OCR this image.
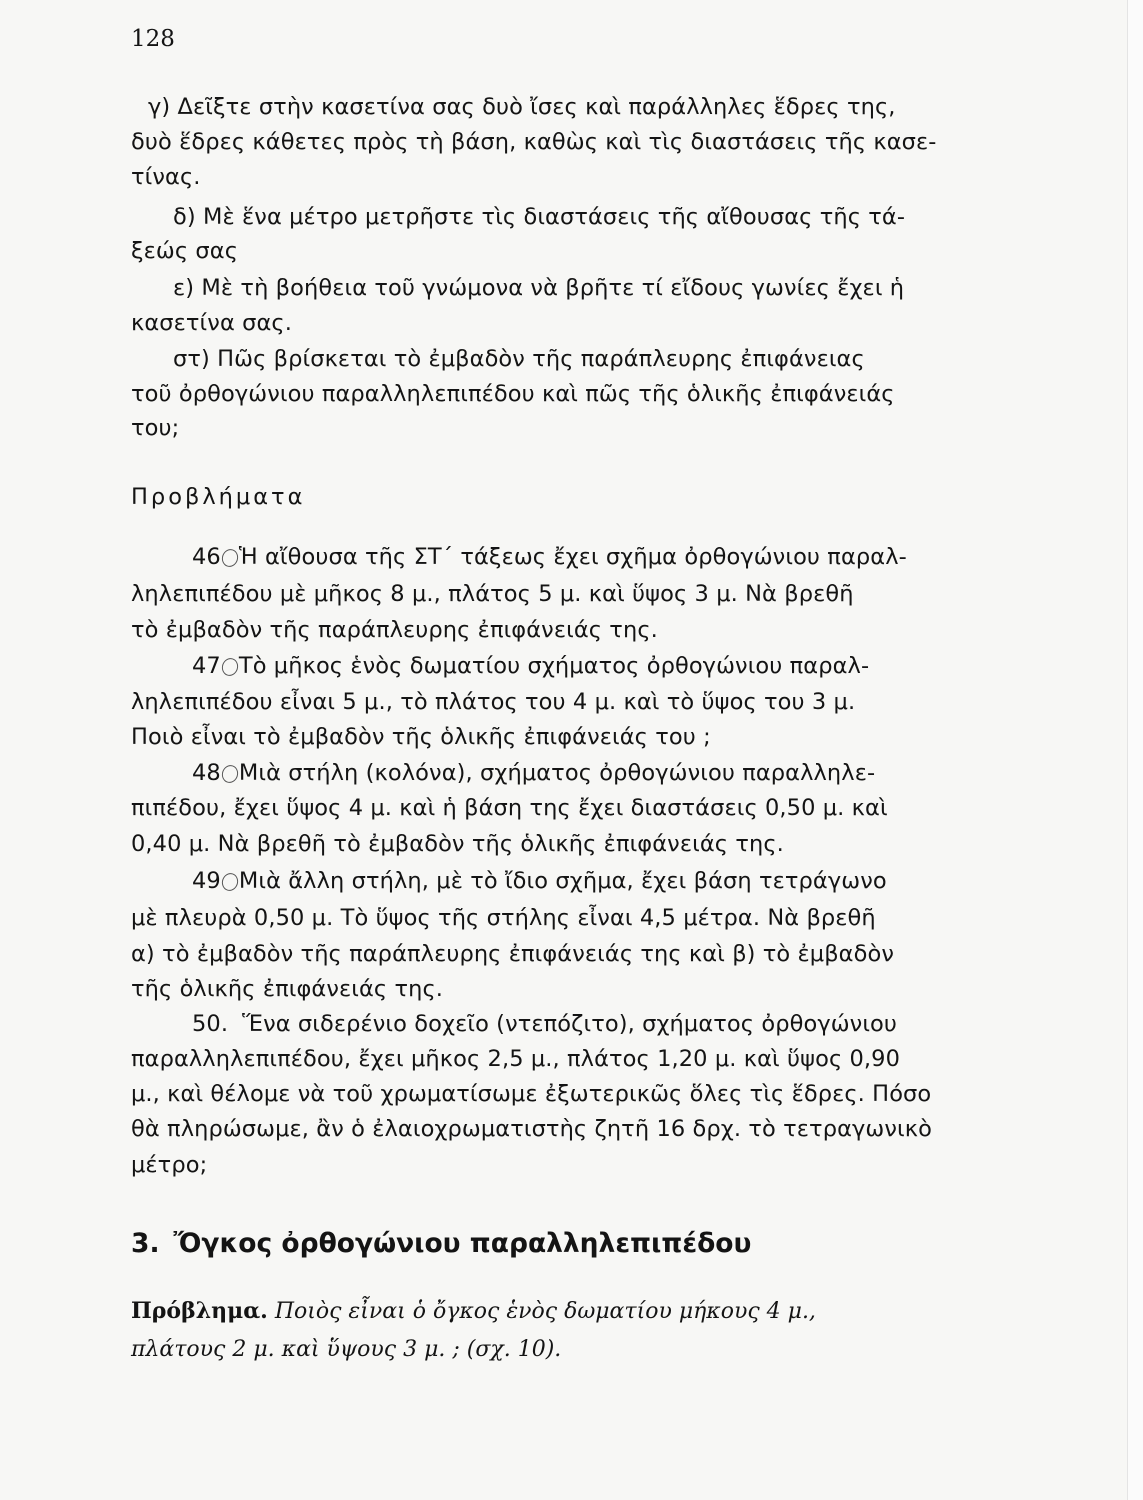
128
γ) Δεῖξτε στὴν κασετίνα σας δυὸ ἴσες καὶ παράλληλες ἕδρες της,
δυὸ ἕδρες κάθετες πρὸς τὴ βάση, καθὼς καὶ τὶς διαστάσεις τῆς κασε-
τίνας.
δ) Μὲ ἕνα μέτρο μετρῆστε τὶς διαστάσεις τῆς αἴθουσας τῆς τά-
ξεώς σας
ε) Μὲ τὴ βοήθεια τοῦ γνώμονα νὰ βρῆτε τί εἴδους γωνίες ἔχει ἡ
κασετίνα σας.
στ) Πῶς βρίσκεται τὸ ἐμβαδὸν τῆς παράπλευρης ἐπιφάνειας
τοῦ ὀρθογώνιου παραλληλεπιπέδου καὶ πῶς τῆς ὁλικῆς ἐπιφάνειάς
του;
Προβλήματα
46 Ἡ αἴθουσα τῆς ΣΤ΄ τάξεως ἔχει σχῆμα ὀρθογώνιου παραλ-
ληλεπιπέδου μὲ μῆκος 8 μ., πλάτος 5 μ. καὶ ὕψος 3 μ. Νὰ βρεθῆ
τὸ ἐμβαδὸν τῆς παράπλευρης ἐπιφάνειάς της.
47 Τὸ μῆκος ἑνὸς δωματίου σχήματος ὀρθογώνιου παραλ-
ληλεπιπέδου εἶναι 5 μ., τὸ πλάτος του 4 μ. καὶ τὸ ὕψος του 3 μ.
Ποιὸ εἶναι τὸ ἐμβαδὸν τῆς ὁλικῆς ἐπιφάνειάς του ;
48 Μιὰ στήλη (κολόνα), σχήματος ὀρθογώνιου παραλληλε-
πιπέδου, ἔχει ὕψος 4 μ. καὶ ἡ βάση της ἔχει διαστάσεις 0,50 μ. καὶ
0,40 μ. Νὰ βρεθῆ τὸ ἐμβαδὸν τῆς ὁλικῆς ἐπιφάνειάς της.
49 Μιὰ ἄλλη στήλη, μὲ τὸ ἴδιο σχῆμα, ἔχει βάση τετράγωνο
μὲ πλευρὰ 0,50 μ. Τὸ ὕψος τῆς στήλης εἶναι 4,5 μέτρα. Νὰ βρεθῆ
α) τὸ ἐμβαδὸν τῆς παράπλευρης ἐπιφάνειάς της καὶ β) τὸ ἐμβαδὸν
τῆς ὁλικῆς ἐπιφάνειάς της.
50. Ἕνα σιδερένιο δοχεῖο (ντεπόζιτο), σχήματος ὀρθογώνιου
παραλληλεπιπέδου, ἔχει μῆκος 2,5 μ., πλάτος 1,20 μ. καὶ ὕψος 0,90
μ., καὶ θέλομε νὰ τοῦ χρωματίσωμε ἐξωτερικῶς ὅλες τὶς ἕδρες. Πόσο
θὰ πληρώσωμε, ἂν ὁ ἐλαιοχρωματιστὴς ζητῆ 16 δρχ. τὸ τετραγωνικὸ
μέτρο;
3. Ὄγκος ὀρθογώνιου παραλληλεπιπέδου
Πρόβλημα. Ποιὸς εἶναι ὁ ὄγκος ἑνὸς δωματίου μήκους 4 μ.,
πλάτους 2 μ. καὶ ὕψους 3 μ. ; (σχ. 10).
